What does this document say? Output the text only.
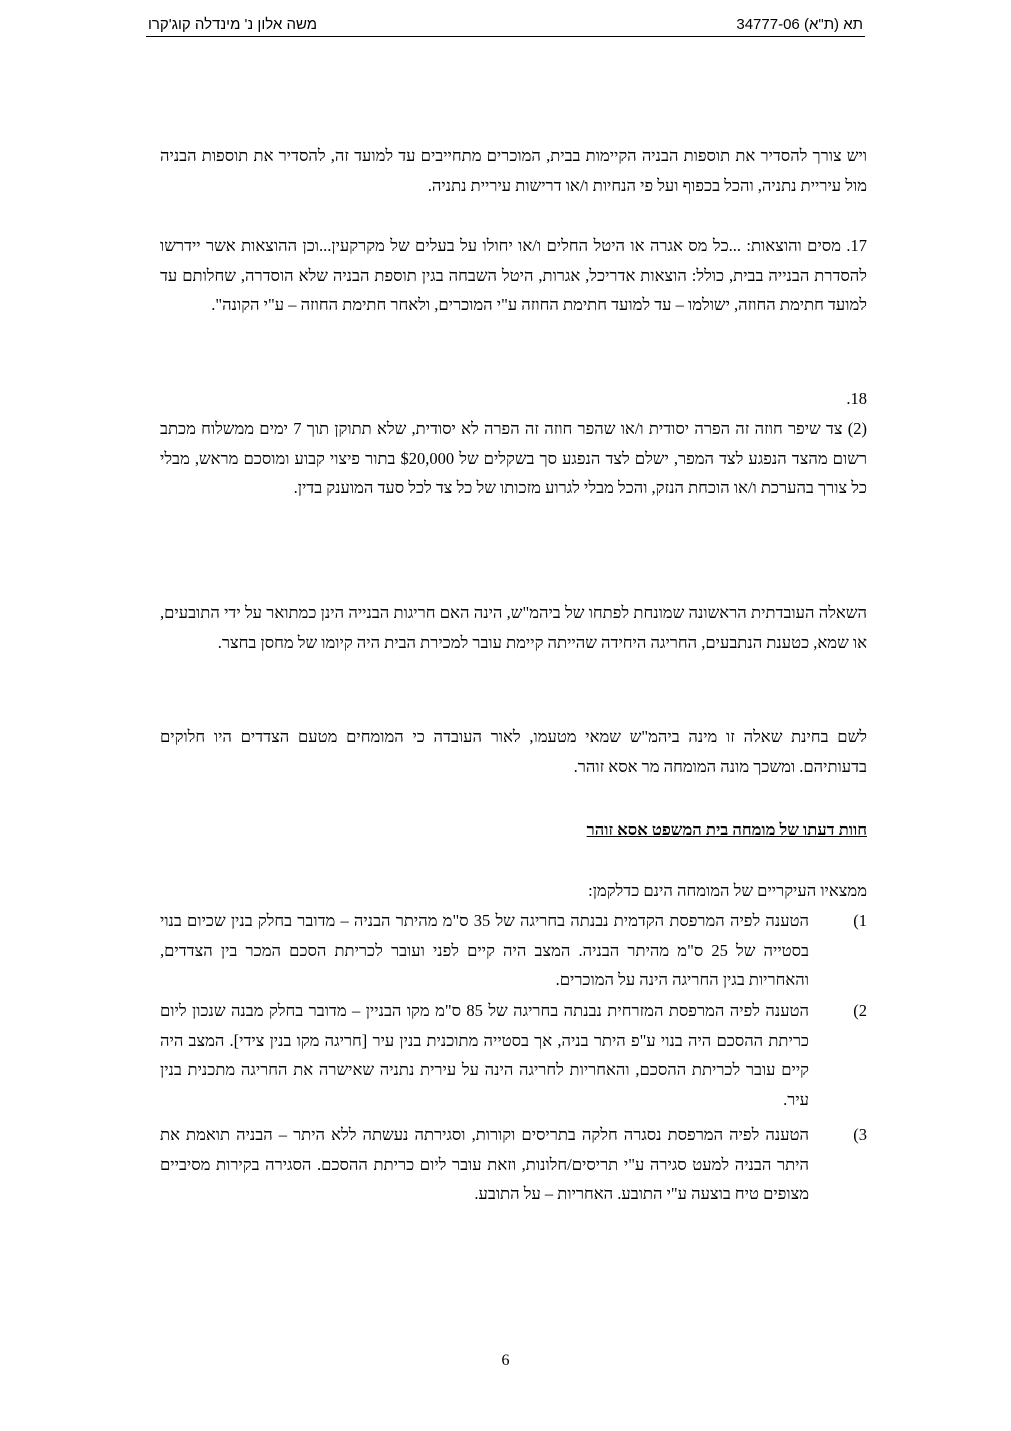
תא (ת"א) 34777-06
משה אלון נ' מינדלה קוג'קרו

ויש צורך להסדיר את תוספות הבניה הקיימות בבית, המוכרים מתחייבים עד למועד זה, להסדיר את תוספות הבניה מול עיריית נתניה, והכל בכפוף ועל פי הנחיות ו/או דרישות עיריית נתניה.

17. מסים והוצאות: ...כל מס אגרה או היטל החלים ו/או יחולו על בעלים של מקרקעין...וכן ההוצאות אשר יידרשו להסדרת הבנייה בבית, כולל: הוצאות אדריכל, אגרות, היטל השבחה בגין תוספת הבניה שלא הוסדרה, שחלותם עד למועד חתימת החוזה, ישולמו – עד למועד חתימת החוזה ע"י המוכרים, ולאחר חתימת החוזה – ע"י הקונה".

18.

(2) צד שיפר חוזה זה הפרה יסודית ו/או שהפר חוזה זה הפרה לא יסודית, שלא תתוקן תוך 7 ימים ממשלוח מכתב רשום מהצד הנפגע לצד המפר, ישלם לצד הנפגע סך בשקלים של $20,000 בתור פיצוי קבוע ומוסכם מראש, מבלי כל צורך בהערכת ו/או הוכחת הנזק, והכל מבלי לגרוע מזכותו של כל צד לכל סעד המוענק בדין.

השאלה העובדתית הראשונה שמונחת לפתחו של ביהמ"ש, הינה האם חריגות הבנייה הינן כמתואר על ידי התובעים, או שמא, כטענת הנתבעים, החריגה היחידה שהייתה קיימת עובר למכירת הבית היה קיומו של מחסן בחצר.

לשם בחינת שאלה זו מינה ביהמ"ש שמאי מטעמו, לאור העובדה כי המומחים מטעם הצדדים היו חלוקים בדעותיהם. ומשכך מונה המומחה מר אסא זוהר.

חוות דעתו של מומחה בית המשפט אסא זוהר

ממצאיו העיקריים של המומחה הינם כדלקמן:

1)
הטענה לפיה המרפסת הקדמית נבנתה בחריגה של 35 ס"מ מהיתר הבניה – מדובר בחלק בנין שכיום בנוי בסטייה של 25 ס"מ מהיתר הבניה. המצב היה קיים לפני ועובר לכריתת הסכם המכר בין הצדדים, והאחריות בגין החריגה הינה על המוכרים.
2)
הטענה לפיה המרפסת המזרחית נבנתה בחריגה של 85 ס"מ מקו הבניין – מדובר בחלק מבנה שנכון ליום כריתת ההסכם היה בנוי ע"פ היתר בניה, אך בסטייה מתוכנית בנין עיר [חריגה מקו בנין צידי]. המצב היה קיים עובר לכריתת ההסכם, והאחריות לחריגה הינה על עירית נתניה שאישרה את החריגה מתכנית בנין עיר.
3)
הטענה לפיה המרפסת נסגרה חלקה בתריסים וקורות, וסגירתה נעשתה ללא היתר – הבניה תואמת את היתר הבניה למעט סגירה ע"י תריסים/חלונות, וזאת עובר ליום כריתת ההסכם. הסגירה בקירות מסיביים מצופים טיח בוצעה ע"י התובע. האחריות – על התובע.
6
